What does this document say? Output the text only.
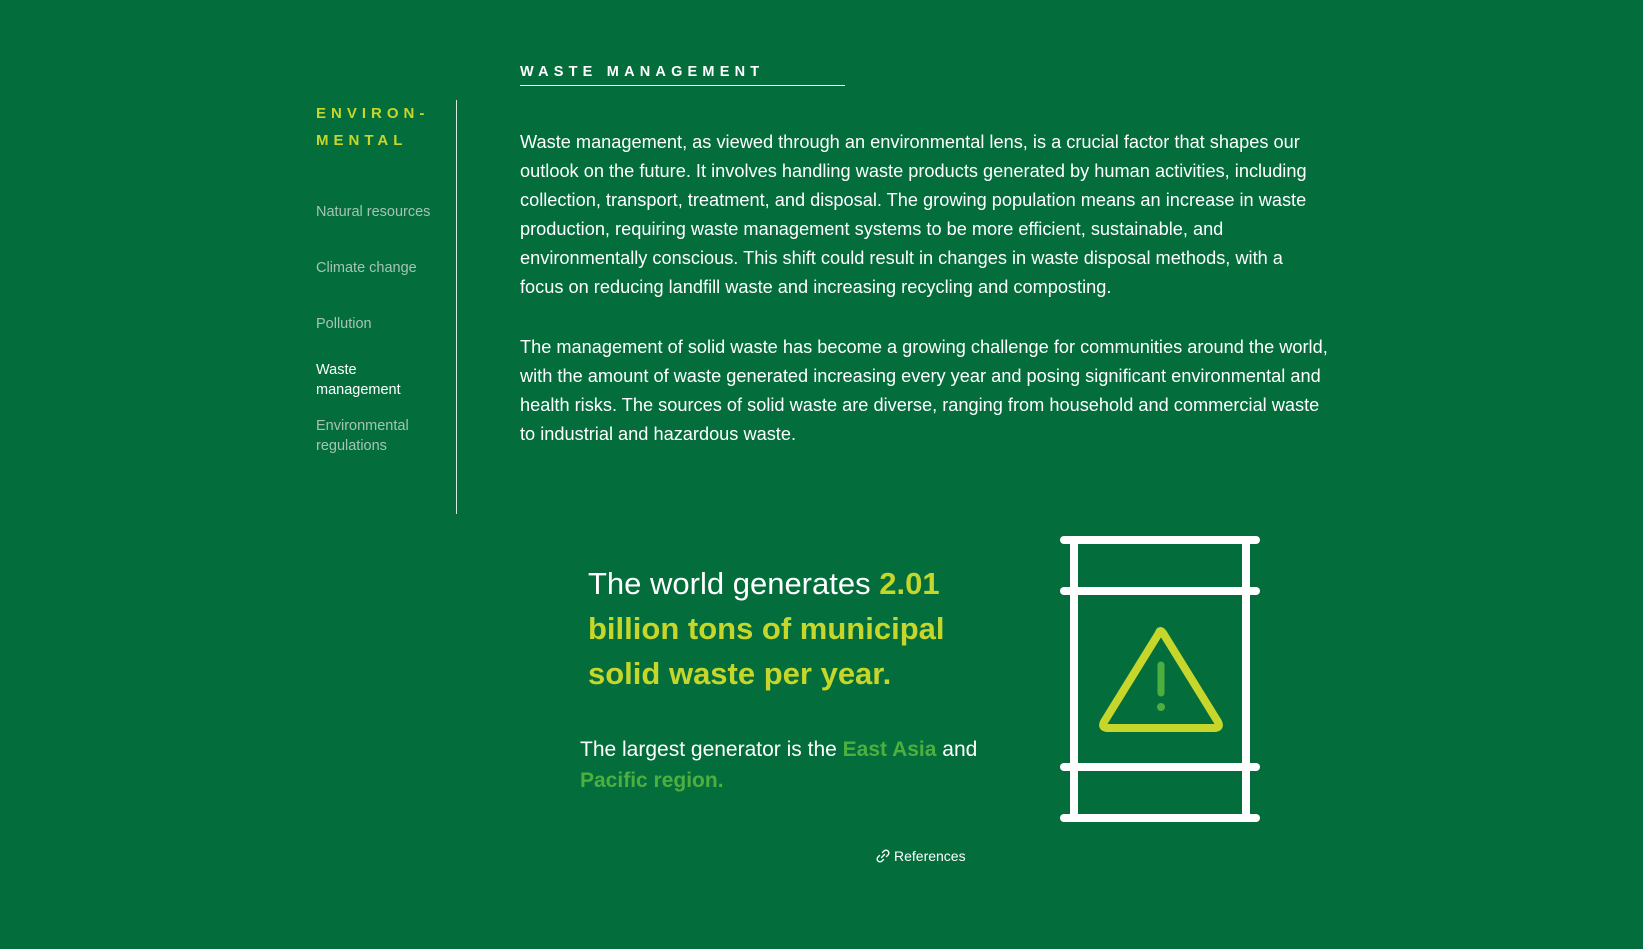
ENVIRON-
MENTAL
Natural resources
Climate change
Pollution
Waste management
Environmental regulations
WASTE MANAGEMENT

Waste management, as viewed through an environmental lens, is a crucial factor that shapes our outlook on the future. It involves handling waste products generated by human activities, including collection, transport, treatment, and disposal. The growing population means an increase in waste production, requiring waste management systems to be more efficient, sustainable, and environmentally conscious. This shift could result in changes in waste disposal methods, with a focus on reducing landfill waste and increasing recycling and composting.

The management of solid waste has become a growing challenge for communities around the world, with the amount of waste generated increasing every year and posing significant environmental and health risks. The sources of solid waste are diverse, ranging from household and commercial waste to industrial and hazardous waste.

The world generates 2.01 billion tons of municipal solid waste per year.

The largest generator is the East Asia and Pacific region.

References
